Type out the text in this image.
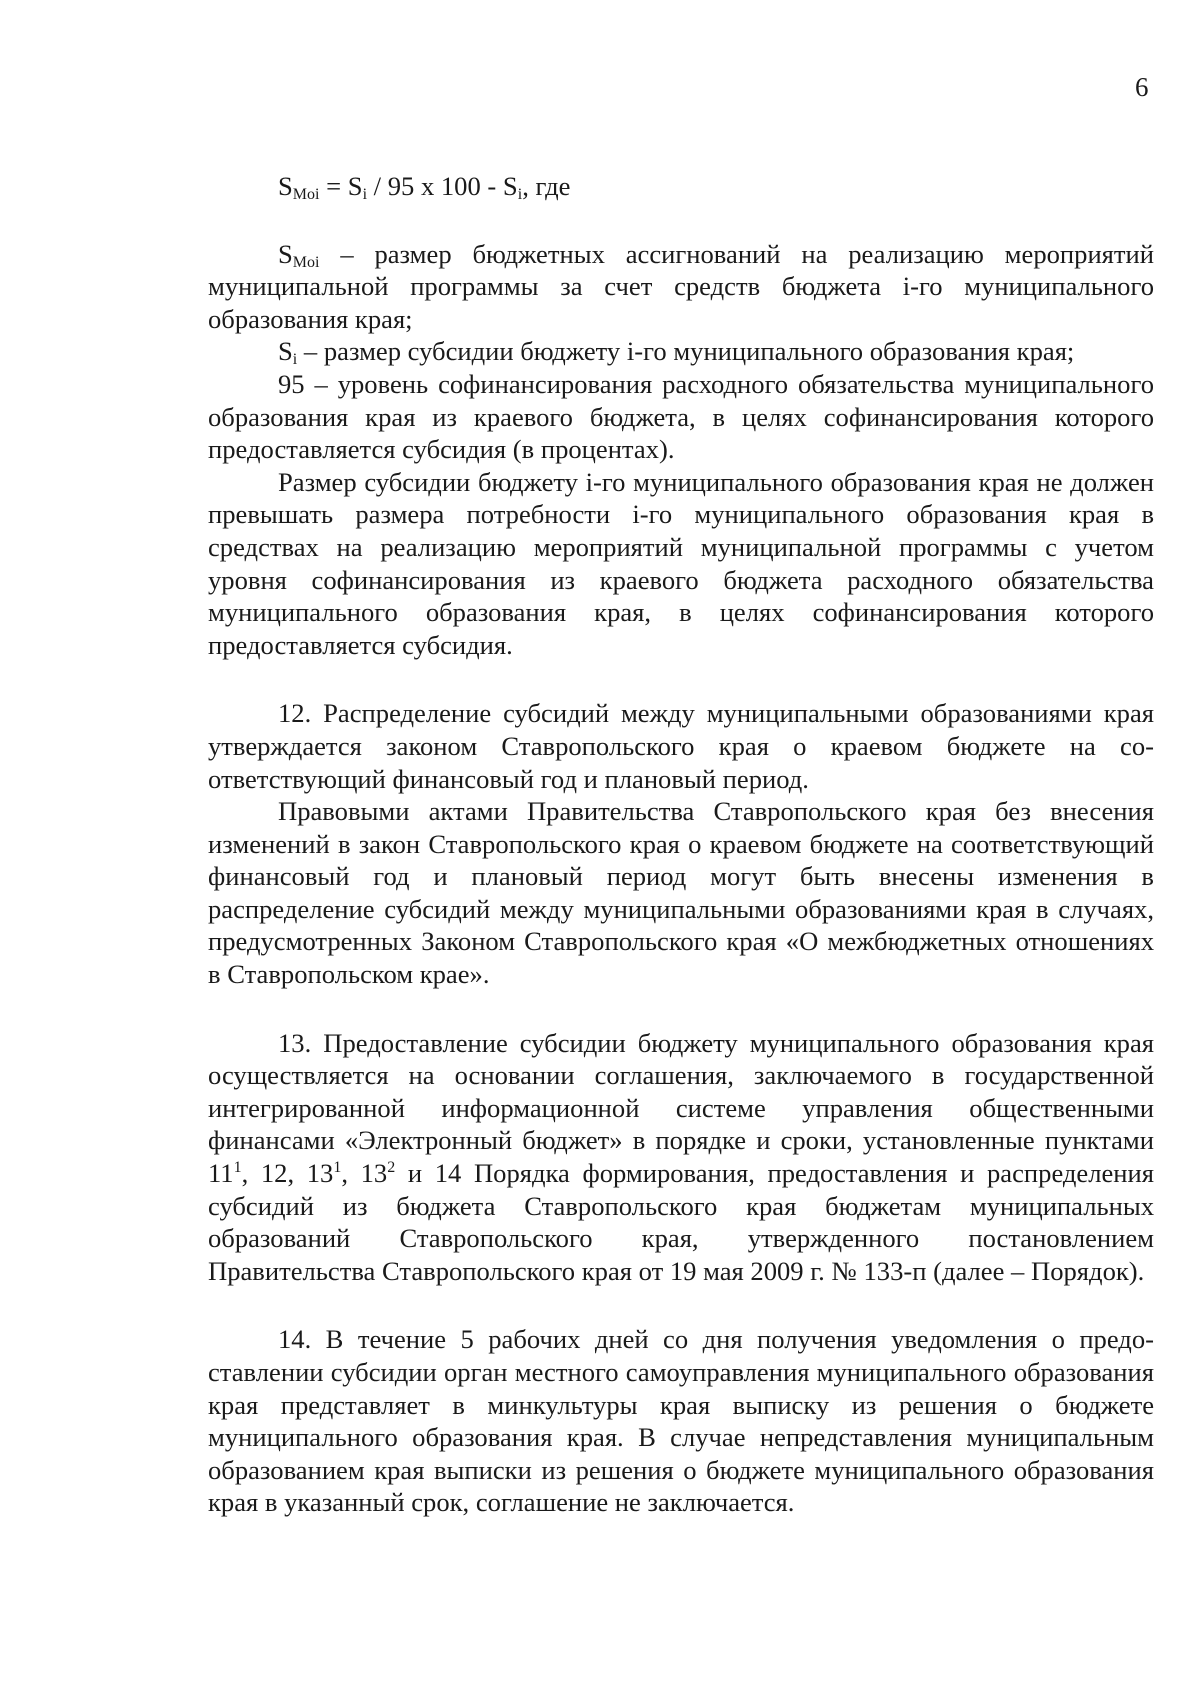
6

$S_{Moi} = S_i / 95$ x $100 - S_i$, где

$S_{Moi}$ – размер бюджетных ассигнований на реализацию мероприятий муниципальной программы за счет средств бюджета i-го муниципального образования края;

$S_i$ – размер субсидии бюджету i-го муниципального образования края;

95 – уровень софинансирования расходного обязательства муниципального образования края из краевого бюджета, в целях софинансирования которого предоставляется субсидия (в процентах).

Размер субсидии бюджету i-го муниципального образования края не должен превышать размера потребности i-го муниципального образования края в средствах на реализацию мероприятий муниципальной программы с учетом уровня софинансирования из краевого бюджета расходного обязательства муниципального образования края, в целях софинансирования которого предоставляется субсидия.

12. Распределение субсидий между муниципальными образованиями края утверждается законом Ставропольского края о краевом бюджете на соответствующий финансовый год и плановый период.

Правовыми актами Правительства Ставропольского края без внесения изменений в закон Ставропольского края о краевом бюджете на соответствующий финансовый год и плановый период могут быть внесены изменения в распределение субсидий между муниципальными образованиями края в случаях, предусмотренных Законом Ставропольского края «О межбюджетных отношениях в Ставропольском крае».

13. Предоставление субсидии бюджету муниципального образования края осуществляется на основании соглашения, заключаемого в государственной интегрированной информационной системе управления общественными финансами «Электронный бюджет» в порядке и сроки, установленные пунктами $11^1$, 12, $13^1$, $13^2$ и 14 Порядка формирования, предоставления и распределения субсидий из бюджета Ставропольского края бюджетам муниципальных образований Ставропольского края, утвержденного постановлением Правительства Ставропольского края от 19 мая 2009 г. № 133-п (далее – Порядок).

14. В течение 5 рабочих дней со дня получения уведомления о предоставлении субсидии орган местного самоуправления муниципального образования края представляет в минкультуры края выписку из решения о бюджете муниципального образования края. В случае непредставления муниципальным образованием края выписки из решения о бюджете муниципального образования края в указанный срок, соглашение не заключается.
